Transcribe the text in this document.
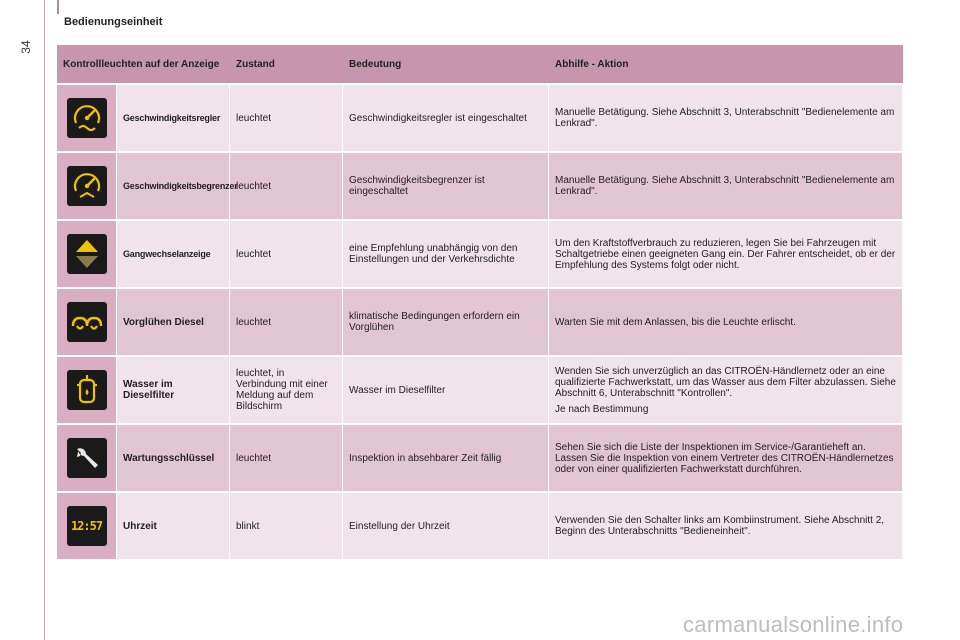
Bedienungseinheit
34
Kontrollleuchten auf der Anzeige		Zustand	Bedeutung	Abhilfe - Aktion

	Geschwindigkeitsregler	leuchtet	Geschwindigkeitsregler ist eingeschaltet	Manuelle Betätigung. Siehe Abschnitt 3, Unterabschnitt "Bedienelemente am Lenkrad".

	Geschwindigkeitsbegrenzer	leuchtet	Geschwindigkeitsbegrenzer ist eingeschaltet	Manuelle Betätigung. Siehe Abschnitt 3, Unterabschnitt "Bedienelemente am Lenkrad".

	Gangwechselanzeige	leuchtet	eine Empfehlung unabhängig von den Einstellungen und der Verkehrsdichte	Um den Kraftstoffverbrauch zu reduzieren, legen Sie bei Fahrzeugen mit Schaltgetriebe einen geeigneten Gang ein. Der Fahrer entscheidet, ob er der Empfehlung des Systems folgt oder nicht.

	Vorglühen Diesel	leuchtet	klimatische Bedingungen erfordern ein Vorglühen	Warten Sie mit dem Anlassen, bis die Leuchte erlischt.

	Wasser im Dieselfilter	leuchtet, in Verbindung mit einer Meldung auf dem Bildschirm	Wasser im Dieselfilter	Wenden Sie sich unverzüglich an das CITROËN-Händlernetz oder an eine qualifizierte Fachwerkstatt, um das Wasser aus dem Filter abzulassen. Siehe Abschnitt 6, Unterabschnitt "Kontrollen".
Je nach Bestimmung

	Wartungsschlüssel	leuchtet	Inspektion in absehbarer Zeit fällig	Sehen Sie sich die Liste der Inspektionen im Service-/Garantieheft an. Lassen Sie die Inspektion von einem Vertreter des CITROËN-Händlernetzes oder von einer qualifizierten Fachwerkstatt durchführen.

12:57	Uhrzeit	blinkt	Einstellung der Uhrzeit	Verwenden Sie den Schalter links am Kombiinstrument. Siehe Abschnitt 2, Beginn des Unterabschnitts "Bedieneinheit".
carmanualsonline.info
